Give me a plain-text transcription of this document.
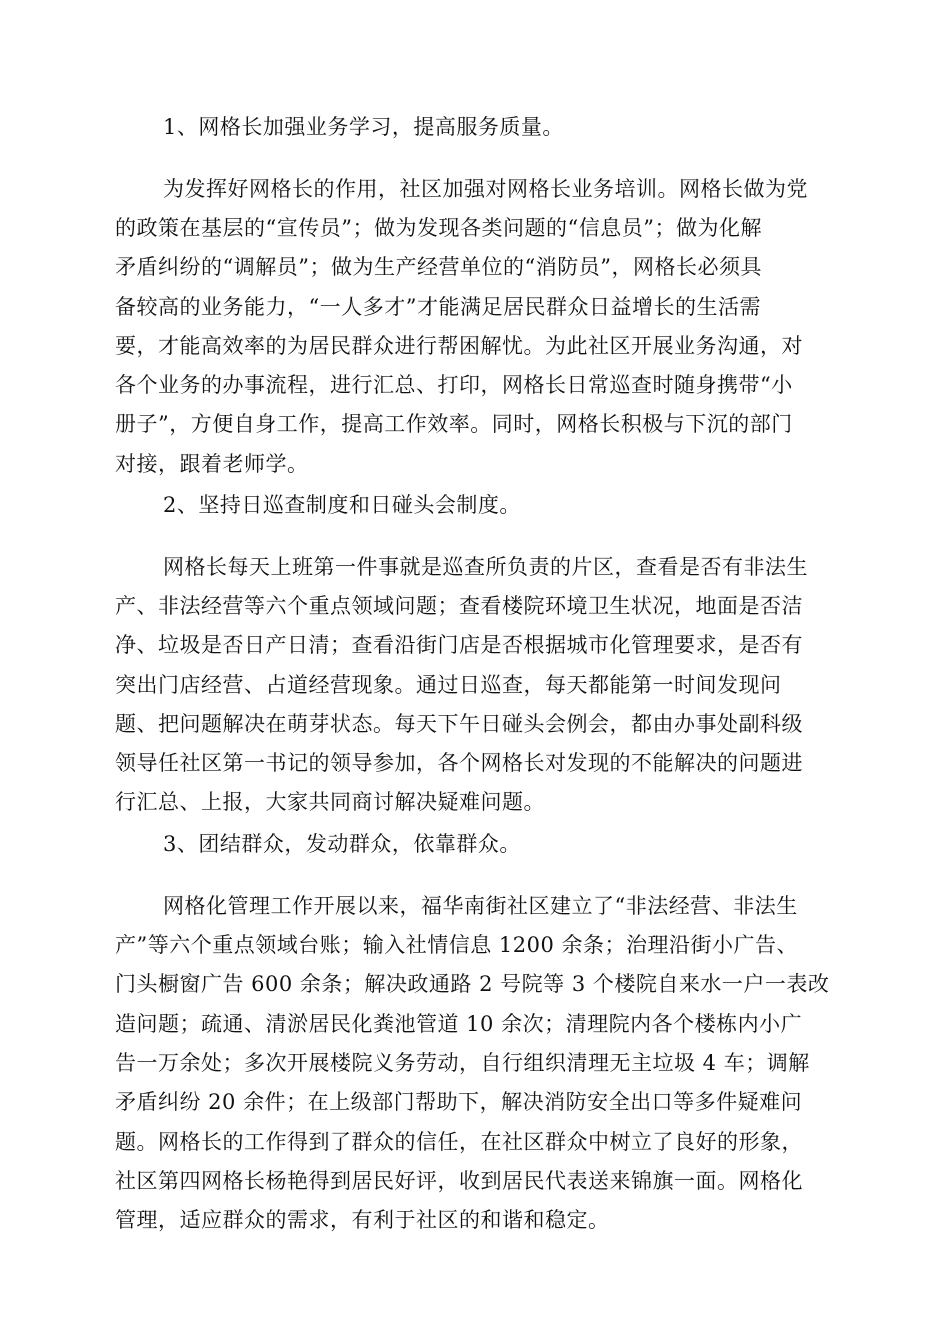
1、网格长加强业务学习，提高服务质量。
为发挥好网格长的作用，社区加强对网格长业务培训。网格长做为党
的政策在基层的“宣传员”；做为发现各类问题的“信息员”；做为化解
矛盾纠纷的“调解员”；做为生产经营单位的“消防员”，网格长必须具
备较高的业务能力，“一人多才”才能满足居民群众日益增长的生活需
要，才能高效率的为居民群众进行帮困解忧。为此社区开展业务沟通，对
各个业务的办事流程，进行汇总、打印，网格长日常巡查时随身携带“小
册子”，方便自身工作，提高工作效率。同时，网格长积极与下沉的部门
对接，跟着老师学。
2、坚持日巡查制度和日碰头会制度。
网格长每天上班第一件事就是巡查所负责的片区，查看是否有非法生
产、非法经营等六个重点领域问题；查看楼院环境卫生状况，地面是否洁
净、垃圾是否日产日清；查看沿街门店是否根据城市化管理要求，是否有
突出门店经营、占道经营现象。通过日巡查，每天都能第一时间发现问
题、把问题解决在萌芽状态。每天下午日碰头会例会，都由办事处副科级
领导任社区第一书记的领导参加，各个网格长对发现的不能解决的问题进
行汇总、上报，大家共同商讨解决疑难问题。
3、团结群众，发动群众，依靠群众。
网格化管理工作开展以来，福华南街社区建立了“非法经营、非法生
产”等六个重点领域台账；输入社情信息 1200 余条；治理沿街小广告、
门头橱窗广告 600 余条；解决政通路 2 号院等 3 个楼院自来水一户一表改
造问题；疏通、清淤居民化粪池管道 10 余次；清理院内各个楼栋内小广
告一万余处；多次开展楼院义务劳动，自行组织清理无主垃圾 4 车；调解
矛盾纠纷 20 余件；在上级部门帮助下，解决消防安全出口等多件疑难问
题。网格长的工作得到了群众的信任，在社区群众中树立了良好的形象，
社区第四网格长杨艳得到居民好评，收到居民代表送来锦旗一面。网格化
管理，适应群众的需求，有利于社区的和谐和稳定。
